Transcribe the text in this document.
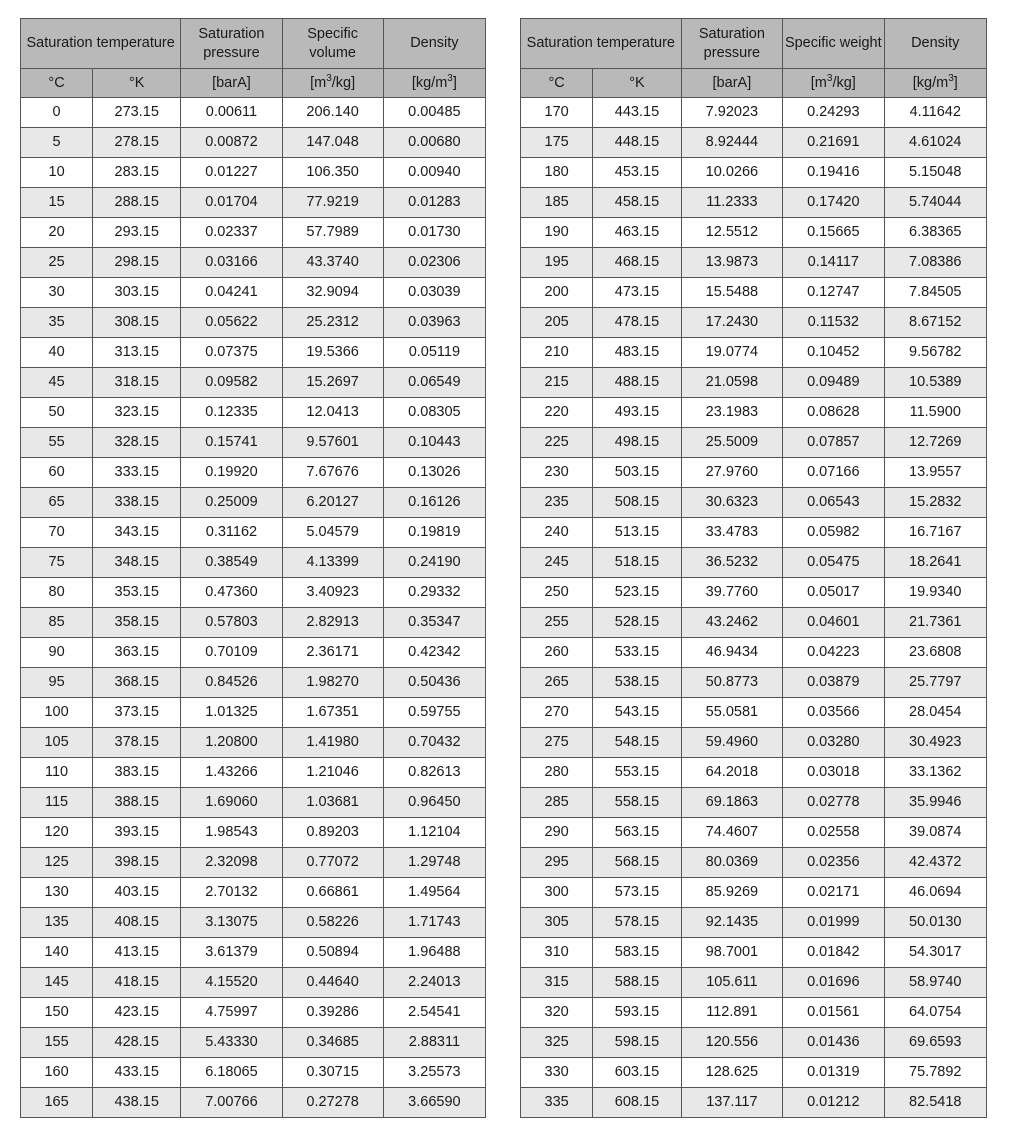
Saturation temperature		Saturation pressure	Specific volume	Density
°C	°K	[barA]	$[m^3/kg]$	$[kg/m^3]$
0	273.15	0.00611	206.140	0.00485
5	278.15	0.00872	147.048	0.00680
10	283.15	0.01227	106.350	0.00940
15	288.15	0.01704	77.9219	0.01283
20	293.15	0.02337	57.7989	0.01730
25	298.15	0.03166	43.3740	0.02306
30	303.15	0.04241	32.9094	0.03039
35	308.15	0.05622	25.2312	0.03963
40	313.15	0.07375	19.5366	0.05119
45	318.15	0.09582	15.2697	0.06549
50	323.15	0.12335	12.0413	0.08305
55	328.15	0.15741	9.57601	0.10443
60	333.15	0.19920	7.67676	0.13026
65	338.15	0.25009	6.20127	0.16126
70	343.15	0.31162	5.04579	0.19819
75	348.15	0.38549	4.13399	0.24190
80	353.15	0.47360	3.40923	0.29332
85	358.15	0.57803	2.82913	0.35347
90	363.15	0.70109	2.36171	0.42342
95	368.15	0.84526	1.98270	0.50436
100	373.15	1.01325	1.67351	0.59755
105	378.15	1.20800	1.41980	0.70432
110	383.15	1.43266	1.21046	0.82613
115	388.15	1.69060	1.03681	0.96450
120	393.15	1.98543	0.89203	1.12104
125	398.15	2.32098	0.77072	1.29748
130	403.15	2.70132	0.66861	1.49564
135	408.15	3.13075	0.58226	1.71743
140	413.15	3.61379	0.50894	1.96488
145	418.15	4.15520	0.44640	2.24013
150	423.15	4.75997	0.39286	2.54541
155	428.15	5.43330	0.34685	2.88311
160	433.15	6.18065	0.30715	3.25573
165	438.15	7.00766	0.27278	3.66590
Saturation temperature		Saturation pressure	Specific weight	Density
°C	°K	[barA]	$[m^3/kg]$	$[kg/m^3]$
170	443.15	7.92023	0.24293	4.11642
175	448.15	8.92444	0.21691	4.61024
180	453.15	10.0266	0.19416	5.15048
185	458.15	11.2333	0.17420	5.74044
190	463.15	12.5512	0.15665	6.38365
195	468.15	13.9873	0.14117	7.08386
200	473.15	15.5488	0.12747	7.84505
205	478.15	17.2430	0.11532	8.67152
210	483.15	19.0774	0.10452	9.56782
215	488.15	21.0598	0.09489	10.5389
220	493.15	23.1983	0.08628	11.5900
225	498.15	25.5009	0.07857	12.7269
230	503.15	27.9760	0.07166	13.9557
235	508.15	30.6323	0.06543	15.2832
240	513.15	33.4783	0.05982	16.7167
245	518.15	36.5232	0.05475	18.2641
250	523.15	39.7760	0.05017	19.9340
255	528.15	43.2462	0.04601	21.7361
260	533.15	46.9434	0.04223	23.6808
265	538.15	50.8773	0.03879	25.7797
270	543.15	55.0581	0.03566	28.0454
275	548.15	59.4960	0.03280	30.4923
280	553.15	64.2018	0.03018	33.1362
285	558.15	69.1863	0.02778	35.9946
290	563.15	74.4607	0.02558	39.0874
295	568.15	80.0369	0.02356	42.4372
300	573.15	85.9269	0.02171	46.0694
305	578.15	92.1435	0.01999	50.0130
310	583.15	98.7001	0.01842	54.3017
315	588.15	105.611	0.01696	58.9740
320	593.15	112.891	0.01561	64.0754
325	598.15	120.556	0.01436	69.6593
330	603.15	128.625	0.01319	75.7892
335	608.15	137.117	0.01212	82.5418
